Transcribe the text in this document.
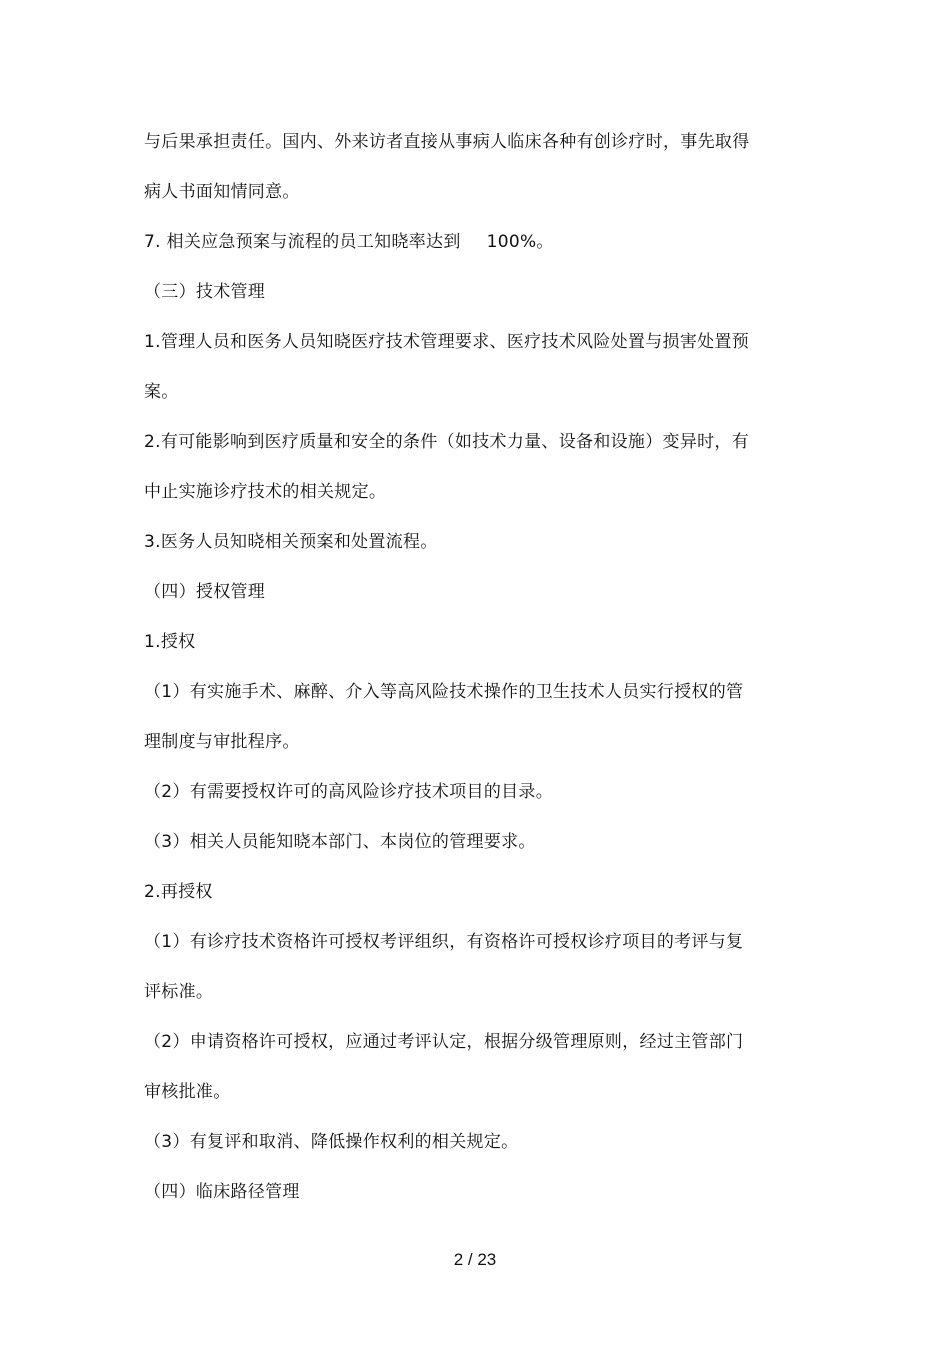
与后果承担责任。国内、外来访者直接从事病人临床各种有创诊疗时，事先取得
病人书面知情同意。
7. 相关应急预案与流程的员工知晓率达到 100%。
（三）技术管理
1.管理人员和医务人员知晓医疗技术管理要求、医疗技术风险处置与损害处置预
案。
2.有可能影响到医疗质量和安全的条件（如技术力量、设备和设施）变异时，有
中止实施诊疗技术的相关规定。
3.医务人员知晓相关预案和处置流程。
（四）授权管理
1.授权
（1）有实施手术、麻醉、介入等高风险技术操作的卫生技术人员实行授权的管
理制度与审批程序。
（2）有需要授权许可的高风险诊疗技术项目的目录。
（3）相关人员能知晓本部门、本岗位的管理要求。
2.再授权
（1）有诊疗技术资格许可授权考评组织，有资格许可授权诊疗项目的考评与复
评标准。
（2）申请资格许可授权，应通过考评认定，根据分级管理原则，经过主管部门
审核批准。
（3）有复评和取消、降低操作权利的相关规定。
（四）临床路径管理
2 / 23
